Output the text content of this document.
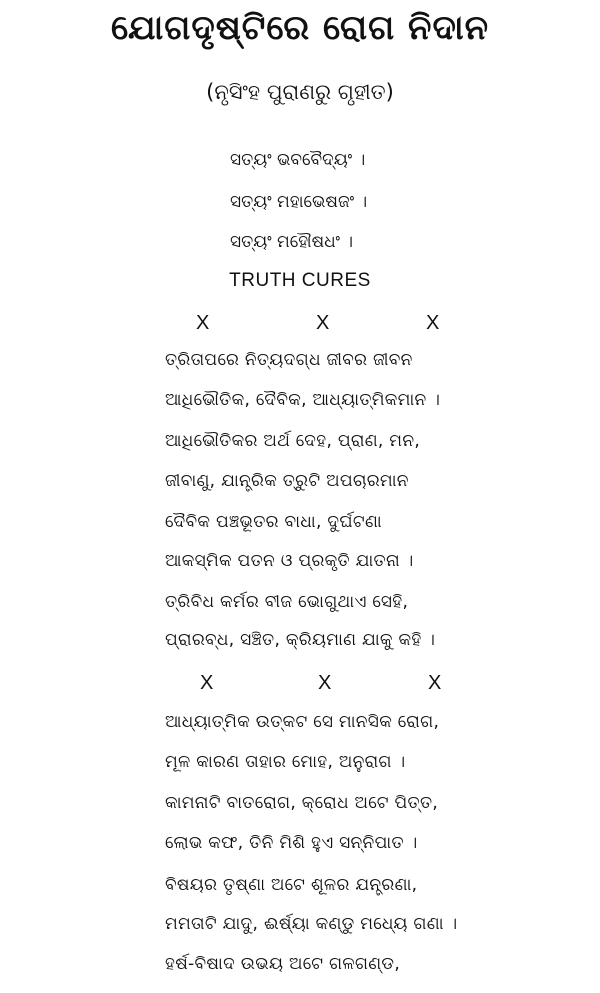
ଯୋଗଦୃଷ୍ଟିରେ ରୋଗ ନିଦାନ
(ନୃସିଂହ ପୁରାଣରୁ ଗୃହୀତ)
ସତ୍ୟଂ ଭବବୈଦ୍ୟଂ ।
ସତ୍ୟଂ ମହାଭେଷଜଂ ।
ସତ୍ୟଂ ମହୌଷଧଂ ।
TRUTH CURES
X	X	X
ତ୍ରିତାପରେ ନିତ୍ୟଦଗ୍ଧ ଜୀବର ଜୀବନ
ଆଧିଭୌତିକ, ଦୈବିକ, ଆଧ୍ୟାତ୍ମିକମାନ ।
ଆଧିଭୌତିକର ଅର୍ଥ ଦେହ, ପ୍ରାଣ, ମନ,
ଜୀବାଣୁ, ଯାନ୍ତ୍ରିକ ତ୍ରୁଟି ଅପଚାରମାନ
ଦୈବିକ ପଞ୍ଚଭୂତର ବାଧା, ଦୁର୍ଘଟଣା
ଆକସ୍ମିକ ପତନ ଓ ପ୍ରକୃତି ଯାତନା ।
ତ୍ରିବିଧ କର୍ମର ବୀଜ ଭୋଗୁଥାଏ ସେହି,
ପ୍ରାରବ୍ଧ, ସଞ୍ଚିତ, କ୍ରିୟମାଣ ଯାକୁ କହି ।
X	X	X
ଆଧ୍ୟାତ୍ମିକ ଉତ୍କଟ ସେ ମାନସିକ ରୋଗ,
ମୂଳ କାରଣ ତାହାର ମୋହ, ଅନୁରାଗ ।
କାମନାଟି ବାତରୋଗ, କ୍ରୋଧ ଅଟେ ପିତ୍ତ,
ଲୋଭ କଫ, ତିନି ମିଶି ହୁଏ ସନ୍ନିପାତ ।
ବିଷୟର ତୃଷ୍ଣା ଅଟେ ଶୂଳର ଯନ୍ତ୍ରଣା,
ମମତାଟି ଯାଦୁ, ଈର୍ଷ୍ୟା କଣ୍ଡୁ ମଧ୍ୟେ ଗଣା ।
ହର୍ଷ-ବିଷାଦ ଉଭୟ ଅଟେ ଗଳଗଣ୍ଡ,
